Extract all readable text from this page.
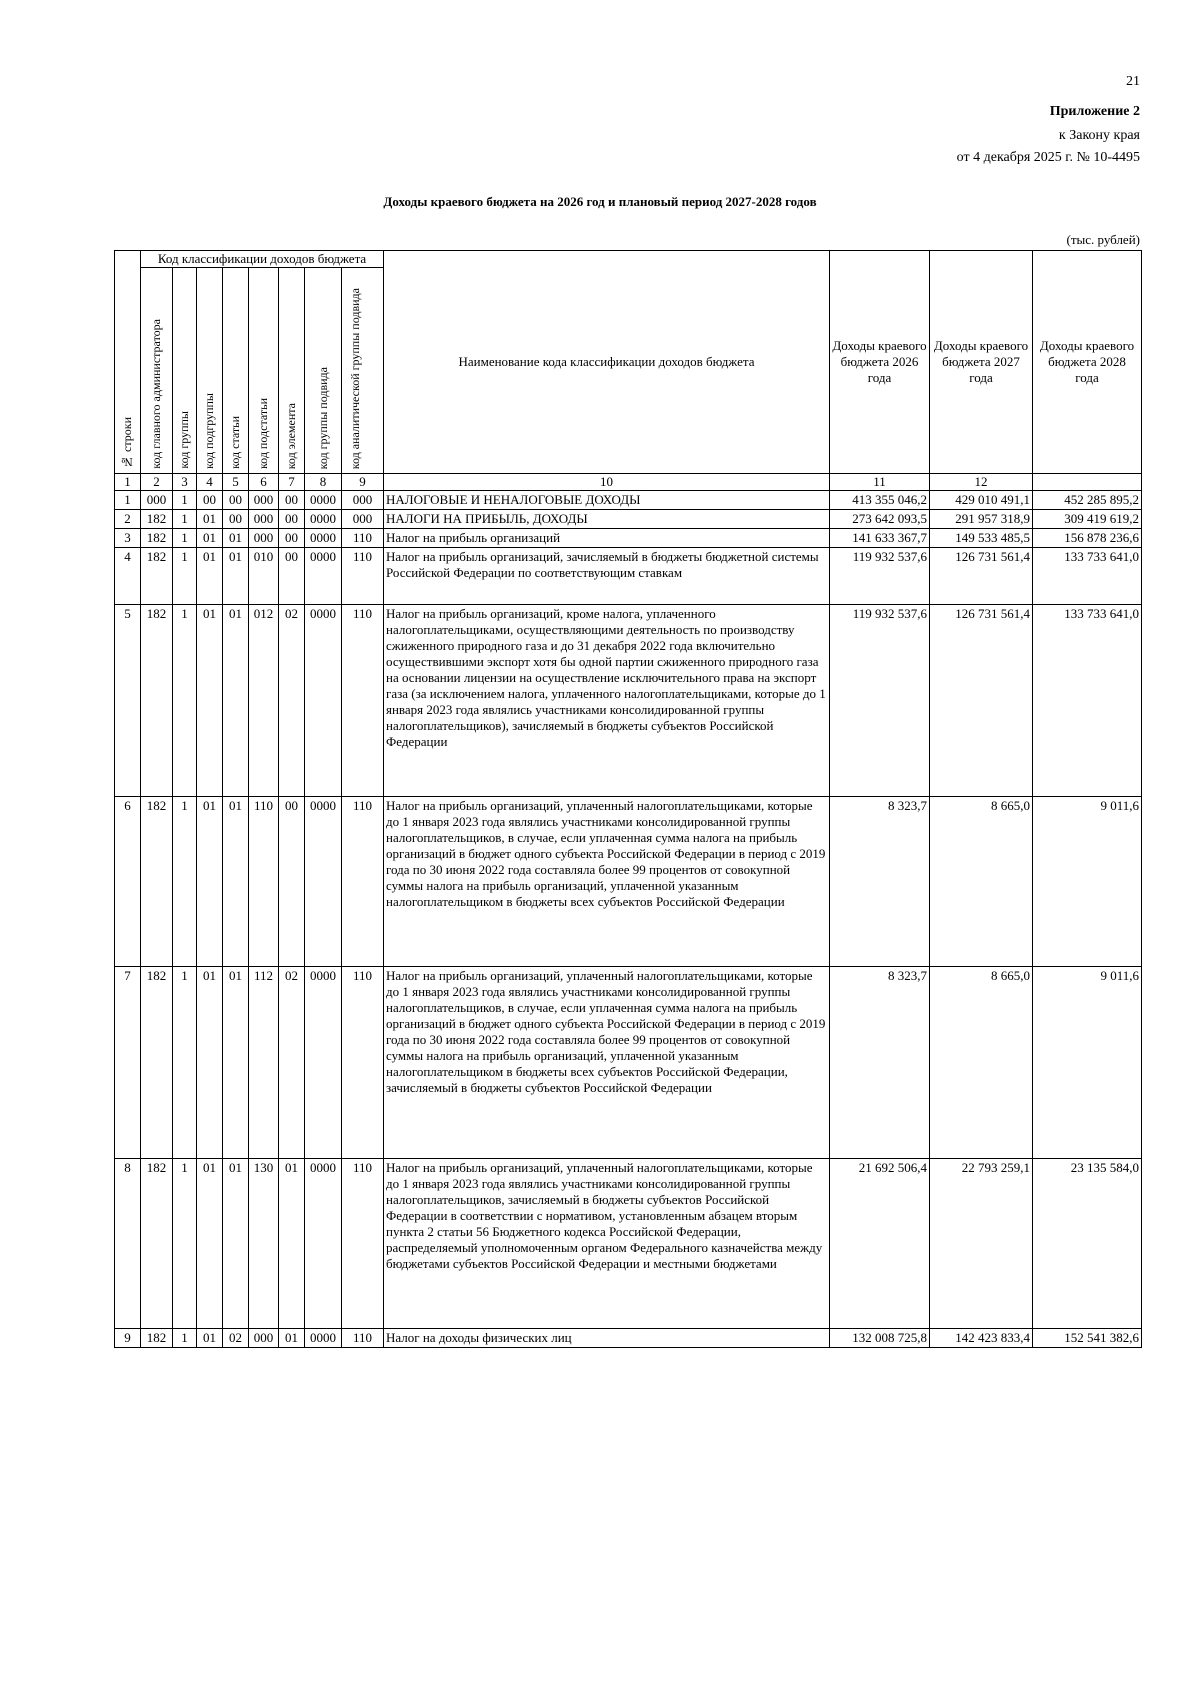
21
Приложение 2
к Закону края
от 4 декабря 2025 г. № 10-4495
Доходы краевого бюджета на 2026 год и плановый период 2027-2028 годов
(тыс. рублей)
№ строки	Код классификации доходов бюджета								Наименование кода классификации доходов бюджета	Доходы краевого бюджета 2026 года	Доходы краевого бюджета 2027 года	Доходы краевого бюджета 2028 года
	код главного администратора	код группы	код подгруппы	код статьи	код подстатьи	код элемента	код группы подвида	код аналитической группы подвида				
1	2	3	4	5	6	7	8	9	10	11	12	
1	000	1	00	00	000	00	0000	000	НАЛОГОВЫЕ И НЕНАЛОГОВЫЕ ДОХОДЫ	413 355 046,2	429 010 491,1	452 285 895,2
2	182	1	01	00	000	00	0000	000	НАЛОГИ НА ПРИБЫЛЬ, ДОХОДЫ	273 642 093,5	291 957 318,9	309 419 619,2
3	182	1	01	01	000	00	0000	110	Налог на прибыль организаций	141 633 367,7	149 533 485,5	156 878 236,6
4	182	1	01	01	010	00	0000	110	Налог на прибыль организаций, зачисляемый в бюджеты бюджетной системы Российской Федерации по соответствующим ставкам	119 932 537,6	126 731 561,4	133 733 641,0
5	182	1	01	01	012	02	0000	110	Налог на прибыль организаций, кроме налога, уплаченного налогоплательщиками, осуществляющими деятельность по производству сжиженного природного газа и до 31 декабря 2022 года включительно осуществившими экспорт хотя бы одной партии сжиженного природного газа на основании лицензии на осуществление исключительного права на экспорт газа (за исключением налога, уплаченного налогоплательщиками, которые до 1 января 2023 года являлись участниками консолидированной группы налогоплательщиков), зачисляемый в бюджеты субъектов Российской Федерации	119 932 537,6	126 731 561,4	133 733 641,0
6	182	1	01	01	110	00	0000	110	Налог на прибыль организаций, уплаченный налогоплательщиками, которые до 1 января 2023 года являлись участниками консолидированной группы налогоплательщиков, в случае, если уплаченная сумма налога на прибыль организаций в бюджет одного субъекта Российской Федерации в период с 2019 года по 30 июня 2022 года составляла более 99 процентов от совокупной суммы налога на прибыль организаций, уплаченной указанным налогоплательщиком в бюджеты всех субъектов Российской Федерации	8 323,7	8 665,0	9 011,6
7	182	1	01	01	112	02	0000	110	Налог на прибыль организаций, уплаченный налогоплательщиками, которые до 1 января 2023 года являлись участниками консолидированной группы налогоплательщиков, в случае, если уплаченная сумма налога на прибыль организаций в бюджет одного субъекта Российской Федерации в период с 2019 года по 30 июня 2022 года составляла более 99 процентов от совокупной суммы налога на прибыль организаций, уплаченной указанным налогоплательщиком в бюджеты всех субъектов Российской Федерации, зачисляемый в бюджеты субъектов Российской Федерации	8 323,7	8 665,0	9 011,6
8	182	1	01	01	130	01	0000	110	Налог на прибыль организаций, уплаченный налогоплательщиками, которые до 1 января 2023 года являлись участниками консолидированной группы налогоплательщиков, зачисляемый в бюджеты субъектов Российской Федерации в соответствии с нормативом, установленным абзацем вторым пункта 2 статьи 56 Бюджетного кодекса Российской Федерации, распределяемый уполномоченным органом Федерального казначейства между бюджетами субъектов Российской Федерации и местными бюджетами	21 692 506,4	22 793 259,1	23 135 584,0
9	182	1	01	02	000	01	0000	110	Налог на доходы физических лиц	132 008 725,8	142 423 833,4	152 541 382,6
